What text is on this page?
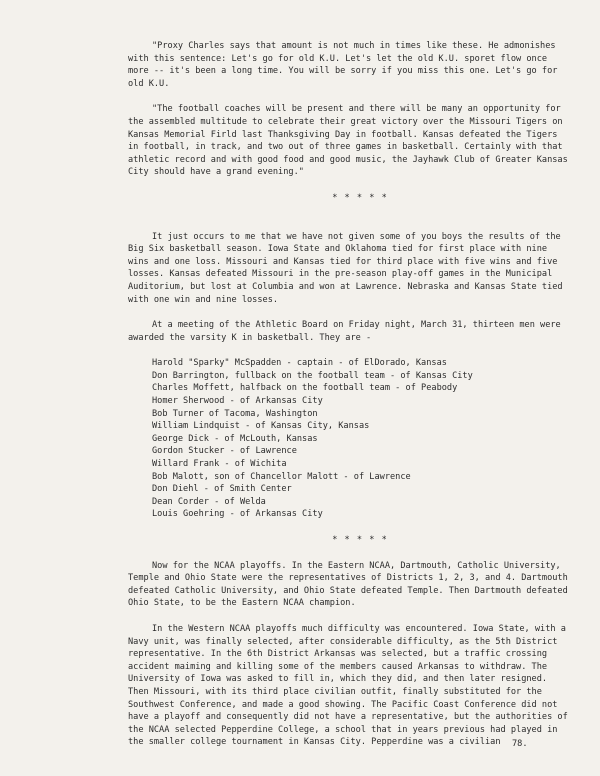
"Proxy Charles says that amount is not much in times like these. He admonishes with this sentence: Let's go for old K.U. Let's let the old K.U. sporet flow once more -- it's been a long time. You will be sorry if you miss this one. Let's go for old K.U.

"The football coaches will be present and there will be many an opportunity for the assembled multitude to celebrate their great victory over the Missouri Tigers on Kansas Memorial Firld last Thanksgiving Day in football. Kansas defeated the Tigers in football, in track, and two out of three games in basketball. Certainly with that athletic record and with good food and good music, the Jayhawk Club of Greater Kansas City should have a grand evening."

* * * * *

It just occurs to me that we have not given some of you boys the results of the Big Six basketball season. Iowa State and Oklahoma tied for first place with nine wins and one loss. Missouri and Kansas tied for third place with five wins and five losses. Kansas defeated Missouri in the pre-season play-off games in the Municipal Auditorium, but lost at Columbia and won at Lawrence. Nebraska and Kansas State tied with one win and nine losses.

At a meeting of the Athletic Board on Friday night, March 31, thirteen men were awarded the varsity K in basketball. They are -

Harold "Sparky" McSpadden - captain - of ElDorado, Kansas
Don Barrington, fullback on the football team - of Kansas City
Charles Moffett, halfback on the football team - of Peabody
Homer Sherwood - of Arkansas City
Bob Turner of Tacoma, Washington
William Lindquist - of Kansas City, Kansas
George Dick - of McLouth, Kansas
Gordon Stucker - of Lawrence
Willard Frank - of Wichita
Bob Malott, son of Chancellor Malott - of Lawrence
Don Diehl - of Smith Center
Dean Corder - of Welda
Louis Goehring - of Arkansas City

* * * * *

Now for the NCAA playoffs. In the Eastern NCAA, Dartmouth, Catholic University, Temple and Ohio State were the representatives of Districts 1, 2, 3, and 4. Dartmouth defeated Catholic University, and Ohio State defeated Temple. Then Dartmouth defeated Ohio State, to be the Eastern NCAA champion.

In the Western NCAA playoffs much difficulty was encountered. Iowa State, with a Navy unit, was finally selected, after considerable difficulty, as the 5th District representative. In the 6th District Arkansas was selected, but a traffic crossing accident maiming and killing some of the members caused Arkansas to withdraw. The University of Iowa was asked to fill in, which they did, and then later resigned. Then Missouri, with its third place civilian outfit, finally substituted for the Southwest Conference, and made a good showing. The Pacific Coast Conference did not have a playoff and consequently did not have a representative, but the authorities of the NCAA selected Pepperdine College, a school that in years previous had played in the smaller college tournament in Kansas City. Pepperdine was a civilian	78.
